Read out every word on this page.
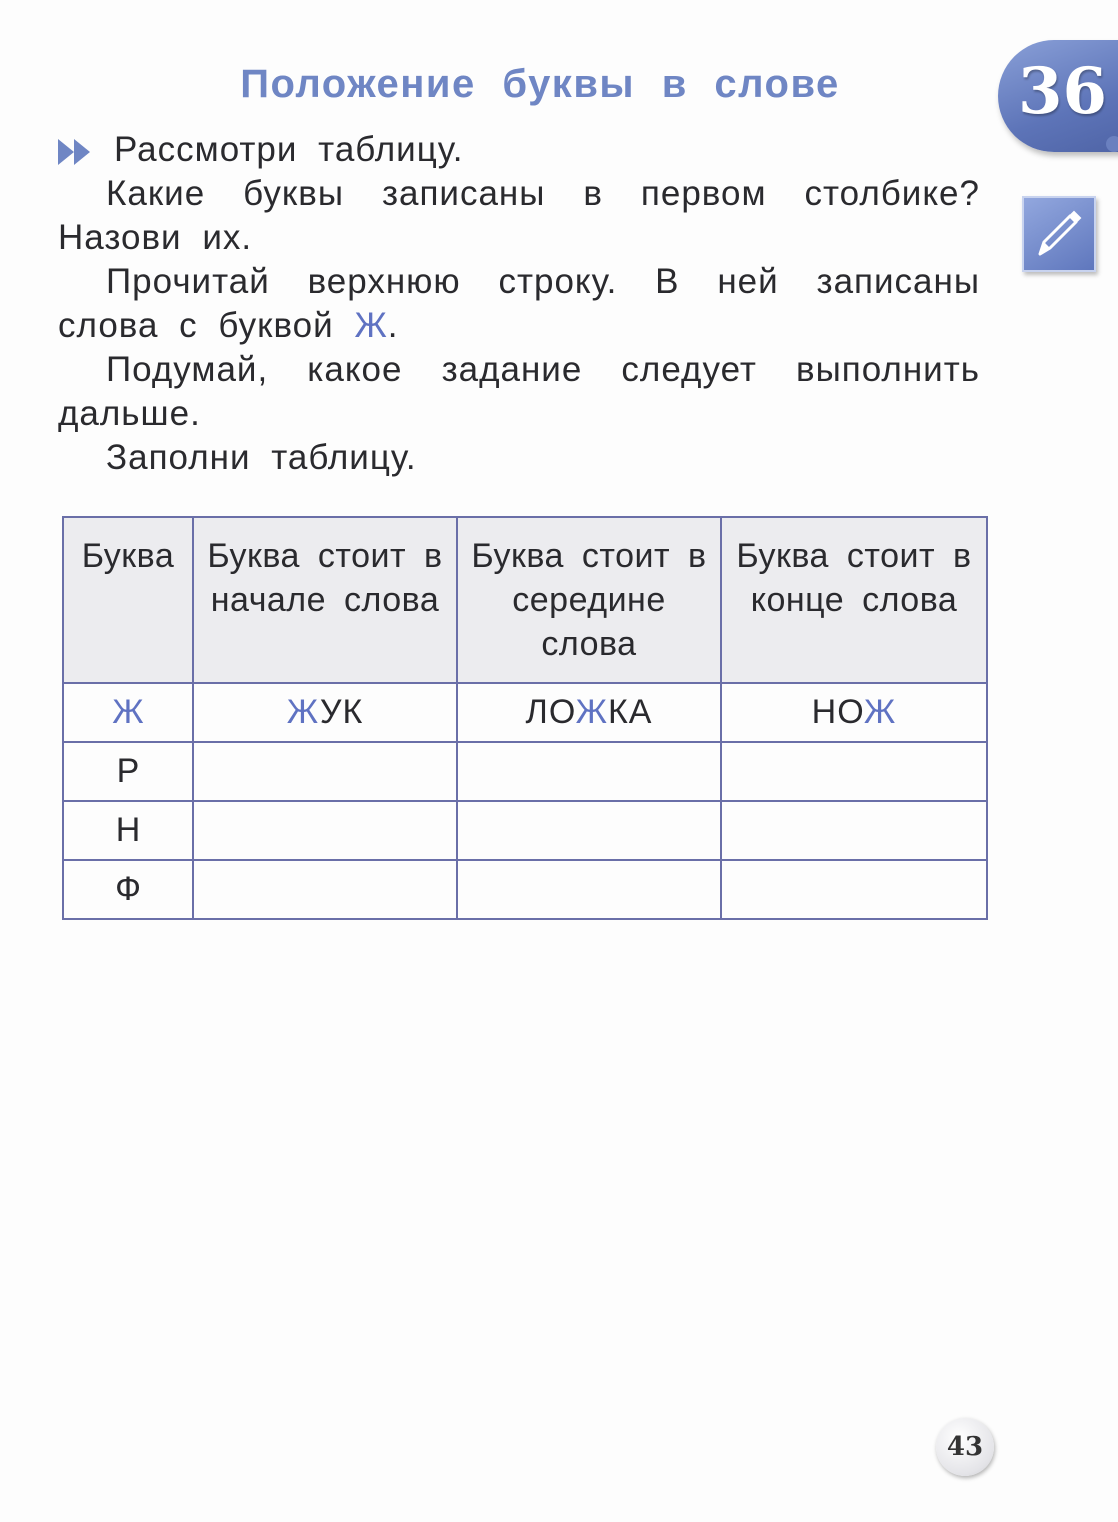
Положение буквы в слове	36

Рассмотри таблицу.

Какие буквы записаны в первом столбике? Назови их.

Прочитай верхнюю строку. В ней записаны слова с буквой Ж.

Подумай, какое задание следует выполнить дальше.

Заполни таблицу.

Буква	Буква стоит в начале слова	Буква стоит в середине слова	Буква стоит в конце слова

Ж	ЖУК	ЛОЖКА	НОЖ
Р			
Н			
Ф			
43
